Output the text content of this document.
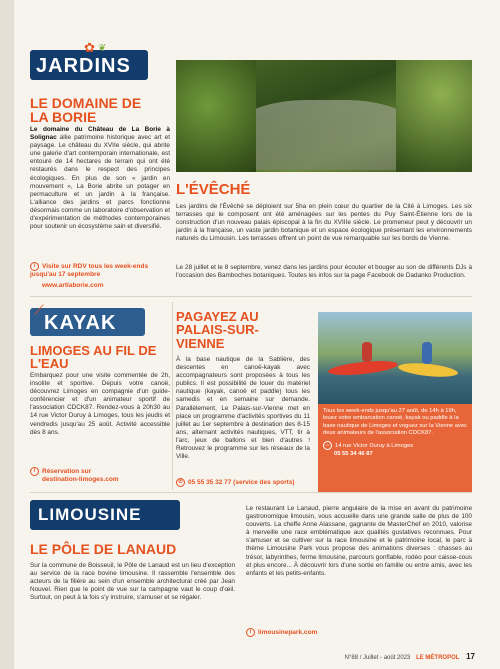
✿ ❦
JARDINS
LE DOMAINE DE LA BORIE
Le domaine du Château de La Borie à Solignac allie patrimoine historique avec art et paysage. Le château du XVIIe siècle, qui abrite une galerie d'art contemporain internationale, est entouré de 14 hectares de terrain qui ont été restaurés dans le respect des principes écologiques. En plus de son « jardin en mouvement », La Borie abrite un potager en permaculture et un jardin à la française. L'alliance des jardins et parcs fonctionne désormais comme un laboratoire d'observation et d'expérimentation de méthodes contemporaines pour soutenir un écosystème sain et diversifié.
i Visite sur RDV tous les week-ends jusqu'au 17 septembre
www.artlaborie.com
L'ÉVÊCHÉ
Les jardins de l'Évêché se déploient sur 5ha en plein cœur du quartier de la Cité à Limoges. Les six terrasses qui le composent ont été aménagées sur les pentes du Puy Saint-Étienne lors de la construction d'un nouveau palais épiscopal à la fin du XVIIIe siècle. Le promeneur peut y découvrir un jardin à la française, un vaste jardin botanique et un espace écologique présentant les environnements naturels du Limousin. Les terrasses offrent un point de vue remarquable sur les bords de Vienne.
Le 28 juillet et le 8 septembre, venez dans les jardins pour écouter et bouger au son de différents DJs à l'occasion des Bamboches botaniques. Toutes les infos sur la page Facebook de Dadanko Production.
⟋
KAYAK
LIMOGES AU FIL DE L'EAU
Embarquez pour une visite commentée de 2h, insolite et sportive. Depuis votre canoë, découvrez Limoges en compagnie d'un guide-conférencier et d'un animateur sportif de l'association CDCK87. Rendez-vous à 20h30 au 14 rue Victor Duruy à Limoges, tous les jeudis et vendredis jusqu'au 25 août. Activité accessible dès 8 ans.
i Réservation sur
destination-limoges.com
PAGAYEZ AU PALAIS-SUR-VIENNE
À la base nautique de la Sablière, des descentes en canoë-kayak avec accompagnateurs sont proposées à tous les publics. Il est possibilité de louer du matériel nautique (kayak, canoë et paddle) tous les samedis et en semaine sur demande. Parallèlement, Le Palais-sur-Vienne met en place un programme d'activités sportives du 11 juillet au 1er septembre à destination des 8-15 ans, alternant activités nautiques, VTT, tir à l'arc, jeux de ballons et bien d'autres ! Retrouvez le programme sur les réseaux de la Ville.
✆ 05 55 35 32 77 (service des sports)
Tous les week-ends jusqu'au 27 août, de 14h à 19h, louez votre embarcation canoë, kayak ou paddle à la base nautique de Limoges et voguez sur la Vienne avec deux animateurs de l'association CDCK87.
⌂ 14 rue Victor Duruy à Limoges
05 55 34 46 87
LIMOUSINE
LE PÔLE DE LANAUD
Sur la commune de Boisseuil, le Pôle de Lanaud est un lieu d'exception au service de la race bovine limousine. Il rassemble l'ensemble des acteurs de la filière au sein d'un ensemble architectural créé par Jean Nouvel. Rien que le point de vue sur la campagne vaut le coup d'œil. Surtout, on peut à la fois s'y instruire, s'amuser et se régaler.
Le restaurant Le Lanaud, pierre angulaire de la mise en avant du patrimoine gastronomique limousin, vous accueille dans une grande salle de plus de 100 couverts. La cheffe Anne Alassane, gagnante de MasterChef en 2010, valorise à merveille une race emblématique aux qualités gustatives reconnues. Pour s'amuser et se cultiver sur la race limousine et le patrimoine local, le parc à thème Limousine Park vous propose des animations diverses : chasses au trésor, labyrinthes, ferme limousine, parcours gonflable, rodéo pour caisse-cous et plus encore... À découvrir lors d'une sortie en famille ou entre amis, avec les enfants et les petits-enfants.
i limousinepark.com
N°88 / Juillet - août 2023 LE MÉTROPOL 17
